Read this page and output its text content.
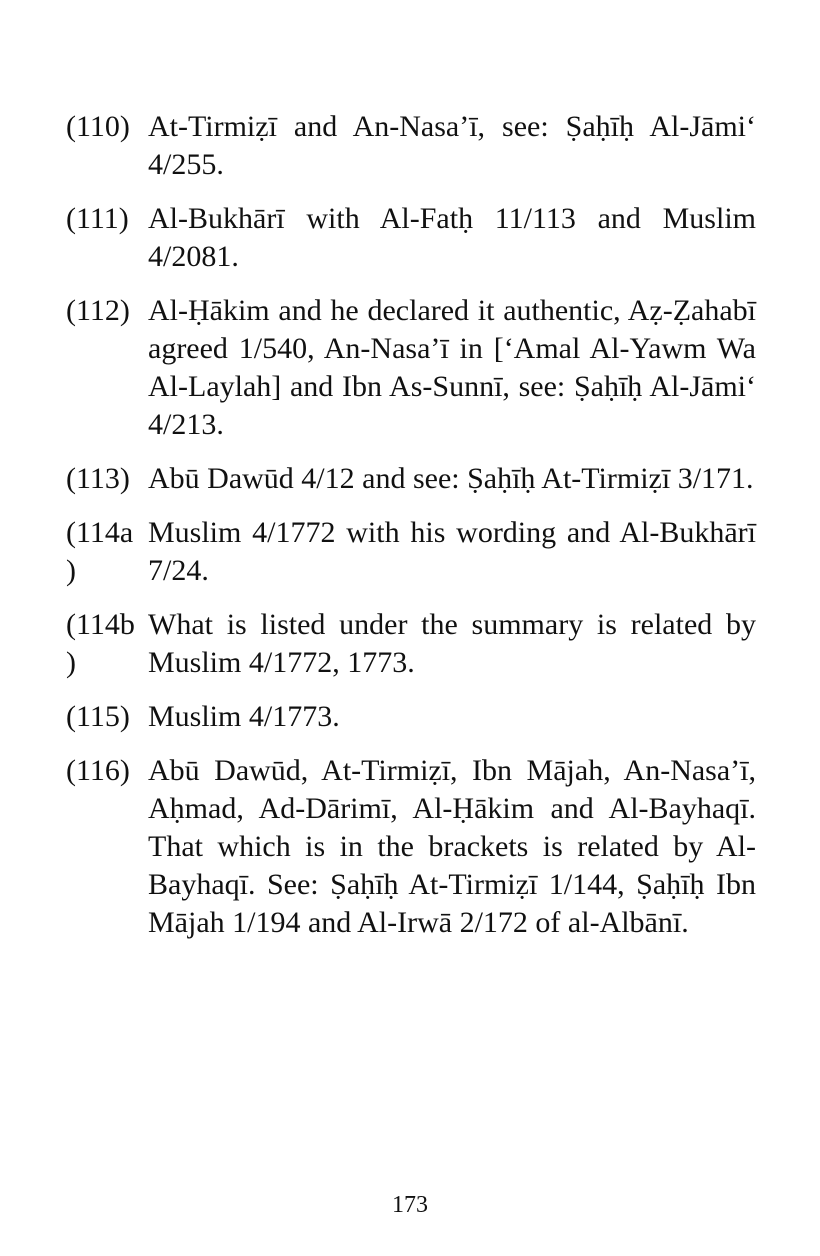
(110) At-Tirmiẓī and An-Nasa’ī, see: Ṣaḥīḥ Al-Jāmi‘ 4/255.
(111) Al-Bukhārī with Al-Fatḥ 11/113 and Muslim 4/2081.
(112) Al-Ḥākim and he declared it authentic, Aẓ-Ẓahabī agreed 1/540, An-Nasa’ī in [‘Amal Al-Yawm Wa Al-Laylah] and Ibn As-Sunnī, see: Ṣaḥīḥ Al-Jāmi‘ 4/213.
(113) Abū Dawūd 4/12 and see: Ṣaḥīḥ At-Tirmiẓī 3/171.
(114a
)
Muslim 4/1772 with his wording and Al-Bukhārī 7/24.
(114b
)
What is listed under the summary is related by Muslim 4/1772, 1773.
(115) Muslim 4/1773.
(116) Abū Dawūd, At-Tirmiẓī, Ibn Mājah, An-Nasa’ī, Aḥmad, Ad-Dārimī, Al-Ḥākim and Al-Bayhaqī. That which is in the brackets is related by Al-Bayhaqī. See: Ṣaḥīḥ At-Tirmiẓī 1/144, Ṣaḥīḥ Ibn Mājah 1/194 and Al-Irwā 2/172 of al-Albānī.
173
